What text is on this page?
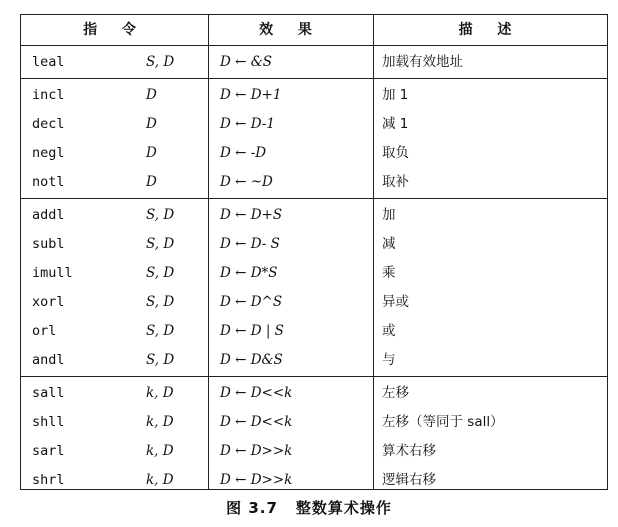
指 令	效 果	描 述
leal	S, D	D ← &S	加载有效地址
incl	D	D ← D+1	加 1
decl	D	D ← D-1	减 1
negl	D	D ← -D	取负
notl	D	D ← ~D	取补
addl	S, D	D ← D+S	加
subl	S, D	D ← D- S	减
imull	S, D	D ← D*S	乘
xorl	S, D	D ← D^S	异或
orl	S, D	D ← D | S	或
andl	S, D	D ← D&S	与
sall	k, D	D ← D<<k	左移
shll	k, D	D ← D<<k	左移（等同于 sall）
sarl	k, D	D ← D>>k	算术右移
shrl	k, D	D ← D>>k	逻辑右移
图 3.7 整数算术操作
